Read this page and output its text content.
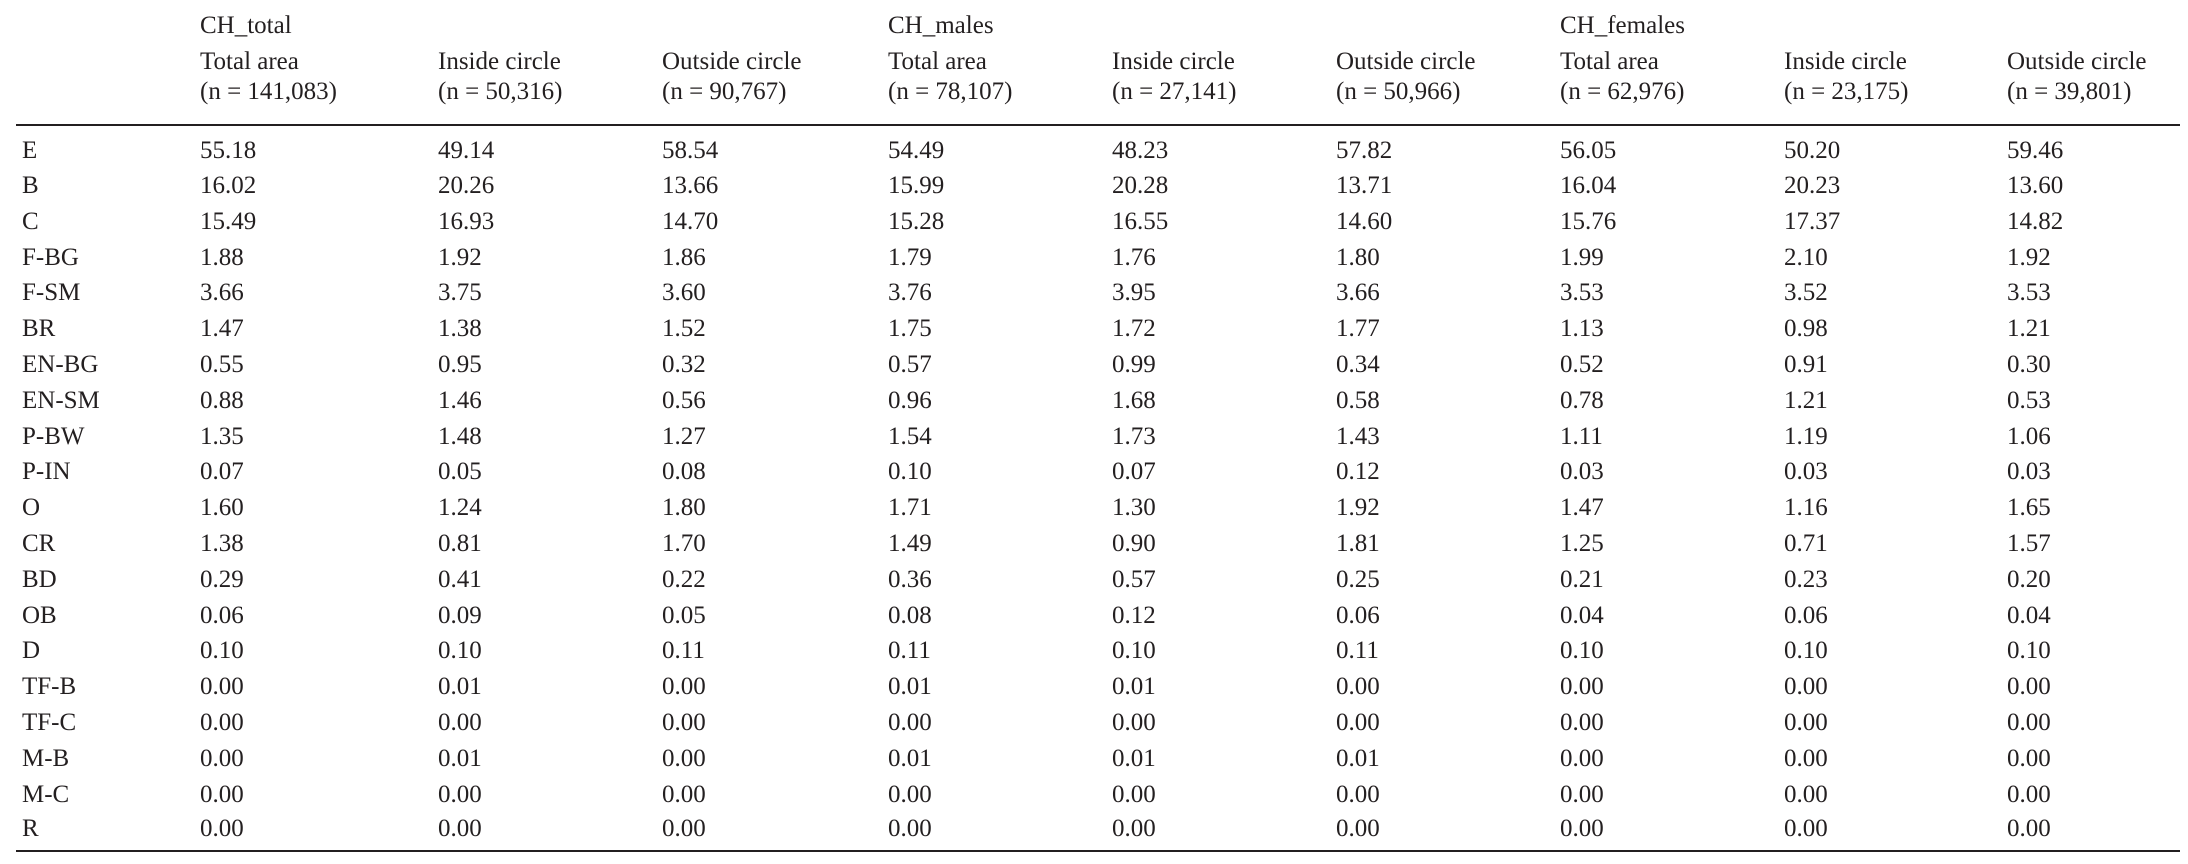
	CH_total			CH_males			CH_females		
	Total area	Inside circle	Outside circle	Total area	Inside circle	Outside circle	Total area	Inside circle	Outside circle
	(n = 141,083)	(n = 50,316)	(n = 90,767)	(n = 78,107)	(n = 27,141)	(n = 50,966)	(n = 62,976)	(n = 23,175)	(n = 39,801)
E	55.18	49.14	58.54	54.49	48.23	57.82	56.05	50.20	59.46
B	16.02	20.26	13.66	15.99	20.28	13.71	16.04	20.23	13.60
C	15.49	16.93	14.70	15.28	16.55	14.60	15.76	17.37	14.82
F-BG	1.88	1.92	1.86	1.79	1.76	1.80	1.99	2.10	1.92
F-SM	3.66	3.75	3.60	3.76	3.95	3.66	3.53	3.52	3.53
BR	1.47	1.38	1.52	1.75	1.72	1.77	1.13	0.98	1.21
EN-BG	0.55	0.95	0.32	0.57	0.99	0.34	0.52	0.91	0.30
EN-SM	0.88	1.46	0.56	0.96	1.68	0.58	0.78	1.21	0.53
P-BW	1.35	1.48	1.27	1.54	1.73	1.43	1.11	1.19	1.06
P-IN	0.07	0.05	0.08	0.10	0.07	0.12	0.03	0.03	0.03
O	1.60	1.24	1.80	1.71	1.30	1.92	1.47	1.16	1.65
CR	1.38	0.81	1.70	1.49	0.90	1.81	1.25	0.71	1.57
BD	0.29	0.41	0.22	0.36	0.57	0.25	0.21	0.23	0.20
OB	0.06	0.09	0.05	0.08	0.12	0.06	0.04	0.06	0.04
D	0.10	0.10	0.11	0.11	0.10	0.11	0.10	0.10	0.10
TF-B	0.00	0.01	0.00	0.01	0.01	0.00	0.00	0.00	0.00
TF-C	0.00	0.00	0.00	0.00	0.00	0.00	0.00	0.00	0.00
M-B	0.00	0.01	0.00	0.01	0.01	0.01	0.00	0.00	0.00
M-C	0.00	0.00	0.00	0.00	0.00	0.00	0.00	0.00	0.00
R	0.00	0.00	0.00	0.00	0.00	0.00	0.00	0.00	0.00
